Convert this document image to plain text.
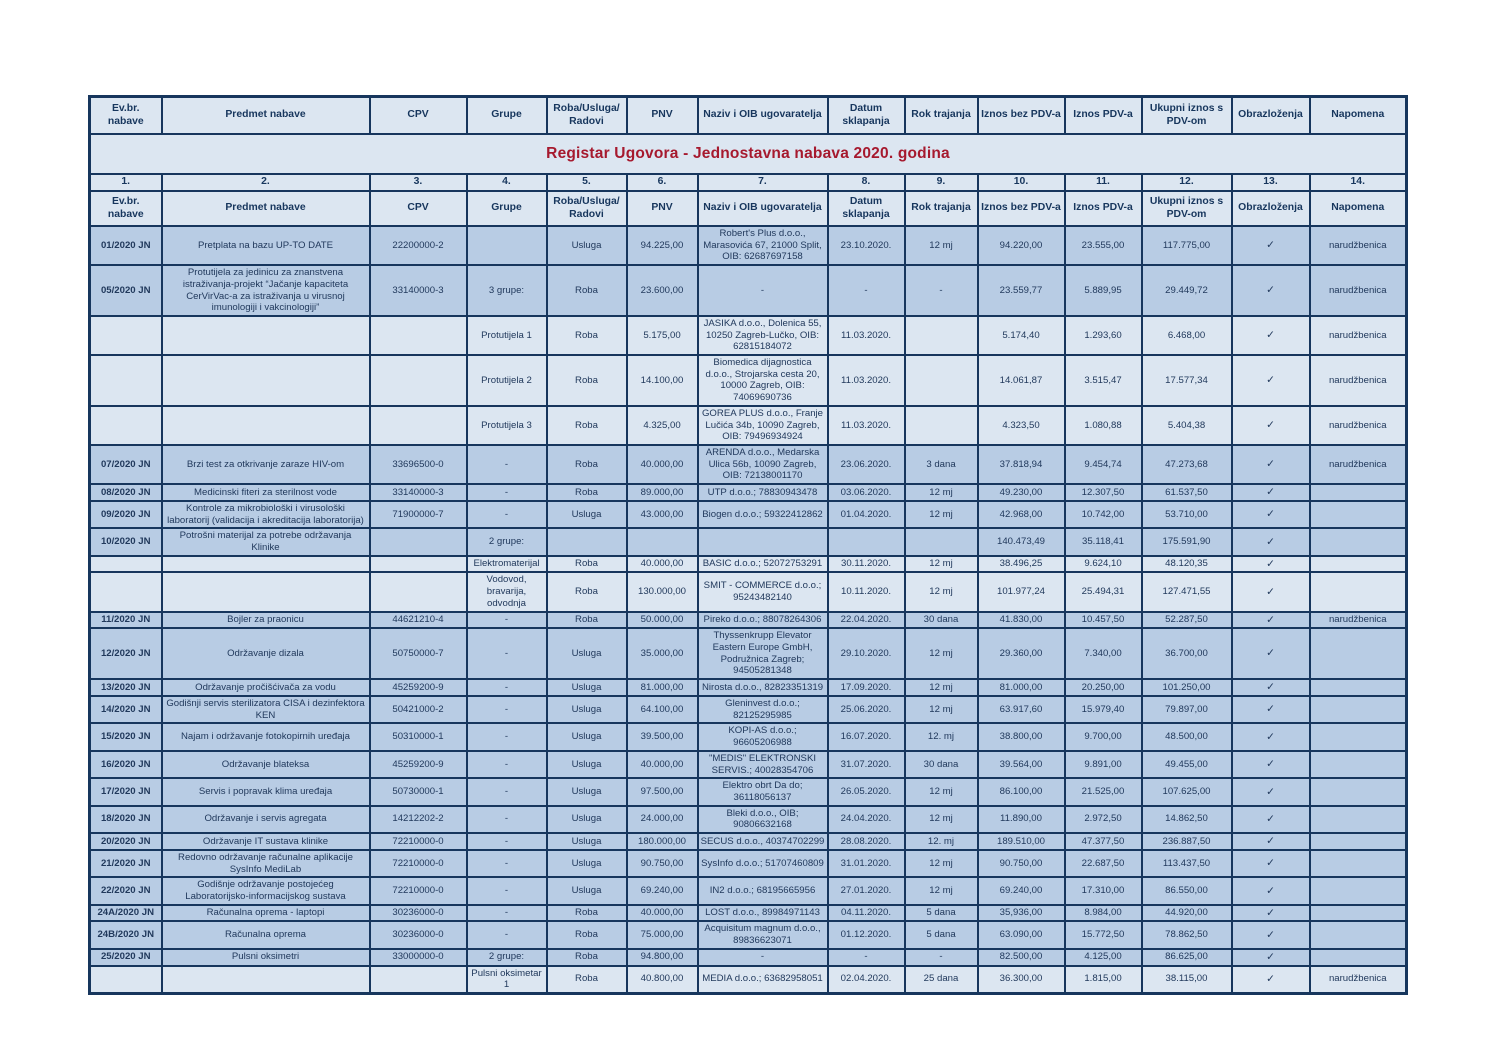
Ev.br. nabave	Predmet nabave	CPV	Grupe	Roba/Usluga/ Radovi	PNV	Naziv i OIB ugovaratelja	Datum sklapanja	Rok trajanja	Iznos bez PDV-a	Iznos PDV-a	Ukupni iznos s PDV-om	Obrazloženja	Napomena
Registar Ugovora - Jednostavna nabava 2020. godina													
1.	2.	3.	4.	5.	6.	7.	8.	9.	10.	11.	12.	13.	14.
Ev.br. nabave	Predmet nabave	CPV	Grupe	Roba/Usluga/ Radovi	PNV	Naziv i OIB ugovaratelja	Datum sklapanja	Rok trajanja	Iznos bez PDV-a	Iznos PDV-a	Ukupni iznos s PDV-om	Obrazloženja	Napomena
01/2020 JN	Pretplata na bazu UP-TO DATE	22200000-2		Usluga	94.225,00	Robert's Plus d.o.o., Marasovića 67, 21000 Split, OIB: 62687697158	23.10.2020.	12 mj	94.220,00	23.555,00	117.775,00	✓	narudžbenica
05/2020 JN	Protutijela za jedinicu za znanstvena istraživanja-projekt “Jačanje kapaciteta CerVirVac-a za istraživanja u virusnoj imunologiji i vakcinologiji”	33140000-3	3 grupe:	Roba	23.600,00	-	-	-	23.559,77	5.889,95	29.449,72	✓	narudžbenica
			Protutijela 1	Roba	5.175,00	JASIKA d.o.o., Dolenica 55, 10250 Zagreb-Lučko, OIB: 62815184072	11.03.2020.		5.174,40	1.293,60	6.468,00	✓	narudžbenica
			Protutijela 2	Roba	14.100,00	Biomedica dijagnostica d.o.o., Strojarska cesta 20, 10000 Zagreb, OIB: 74069690736	11.03.2020.		14.061,87	3.515,47	17.577,34	✓	narudžbenica
			Protutijela 3	Roba	4.325,00	GOREA PLUS d.o.o., Franje Lučića 34b, 10090 Zagreb, OIB: 79496934924	11.03.2020.		4.323,50	1.080,88	5.404,38	✓	narudžbenica
07/2020 JN	Brzi test za otkrivanje zaraze HIV-om	33696500-0	-	Roba	40.000,00	ARENDA d.o.o., Medarska Ulica 56b, 10090 Zagreb, OIB: 72138001170	23.06.2020.	3 dana	37.818,94	9.454,74	47.273,68	✓	narudžbenica
08/2020 JN	Medicinski fiteri za sterilnost vode	33140000-3	-	Roba	89.000,00	UTP d.o.o.; 78830943478	03.06.2020.	12 mj	49.230,00	12.307,50	61.537,50	✓	
09/2020 JN	Kontrole za mikrobiološki i virusološki laboratorij (validacija i akreditacija laboratorija)	71900000-7	-	Usluga	43.000,00	Biogen d.o.o.; 59322412862	01.04.2020.	12 mj	42.968,00	10.742,00	53.710,00	✓	
10/2020 JN	Potrošni materijal za potrebe održavanja Klinike		2 grupe:						140.473,49	35.118,41	175.591,90	✓	
			Elektromaterijal	Roba	40.000,00	BASIC d.o.o.; 52072753291	30.11.2020.	12 mj	38.496,25	9.624,10	48.120,35	✓	
			Vodovod, bravarija, odvodnja	Roba	130.000,00	SMIT - COMMERCE d.o.o.; 95243482140	10.11.2020.	12 mj	101.977,24	25.494,31	127.471,55	✓	
11/2020 JN	Bojler za praonicu	44621210-4	-	Roba	50.000,00	Pireko d.o.o.; 88078264306	22.04.2020.	30 dana	41.830,00	10.457,50	52.287,50	✓	narudžbenica
12/2020 JN	Održavanje dizala	50750000-7	-	Usluga	35.000,00	Thyssenkrupp Elevator Eastern Europe GmbH, Podružnica Zagreb; 94505281348	29.10.2020.	12 mj	29.360,00	7.340,00	36.700,00	✓	
13/2020 JN	Održavanje pročišćivača za vodu	45259200-9	-	Usluga	81.000,00	Nirosta d.o.o., 82823351319	17.09.2020.	12 mj	81.000,00	20.250,00	101.250,00	✓	
14/2020 JN	Godišnji servis sterilizatora CISA i dezinfektora KEN	50421000-2	-	Usluga	64.100,00	Gleninvest d.o.o.; 82125295985	25.06.2020.	12 mj	63.917,60	15.979,40	79.897,00	✓	
15/2020 JN	Najam i održavanje fotokopirnih uređaja	50310000-1	-	Usluga	39.500,00	KOPI-AS d.o.o.; 96605206988	16.07.2020.	12. mj	38.800,00	9.700,00	48.500,00	✓	
16/2020 JN	Održavanje blateksa	45259200-9	-	Usluga	40.000,00	"MEDIS" ELEKTRONSKI SERVIS.; 40028354706	31.07.2020.	30 dana	39.564,00	9.891,00	49.455,00	✓	
17/2020 JN	Servis i popravak klima uređaja	50730000-1	-	Usluga	97.500,00	Elektro obrt Da do; 36118056137	26.05.2020.	12 mj	86.100,00	21.525,00	107.625,00	✓	
18/2020 JN	Održavanje i servis agregata	14212202-2	-	Usluga	24.000,00	Bleki d.o.o., OIB; 90806632168	24.04.2020.	12 mj	11.890,00	2.972,50	14.862,50	✓	
20/2020 JN	Održavanje IT sustava klinike	72210000-0	-	Usluga	180.000,00	SECUS d.o.o., 40374702299	28.08.2020.	12. mj	189.510,00	47.377,50	236.887,50	✓	
21/2020 JN	Redovno održavanje računalne aplikacije SysInfo MediLab	72210000-0	-	Usluga	90.750,00	SysInfo d.o.o.; 51707460809	31.01.2020.	12 mj	90.750,00	22.687,50	113.437,50	✓	
22/2020 JN	Godišnje održavanje postojećeg Laboratorijsko-informacijskog sustava	72210000-0	-	Usluga	69.240,00	IN2 d.o.o.; 68195665956	27.01.2020.	12 mj	69.240,00	17.310,00	86.550,00	✓	
24A/2020 JN	Računalna oprema - laptopi	30236000-0	-	Roba	40.000,00	LOST d.o.o., 89984971143	04.11.2020.	5 dana	35,936,00	8.984,00	44.920,00	✓	
24B/2020 JN	Računalna oprema	30236000-0	-	Roba	75.000,00	Acquisitum magnum d.o.o., 89836623071	01.12.2020.	5 dana	63.090,00	15.772,50	78.862,50	✓	
25/2020 JN	Pulsni oksimetri	33000000-0	2 grupe:	Roba	94.800,00	-	-	-	82.500,00	4.125,00	86.625,00	✓	
			Pulsni oksimetar 1	Roba	40.800,00	MEDIA d.o.o.; 63682958051	02.04.2020.	25 dana	36.300,00	1.815,00	38.115,00	✓	narudžbenica
